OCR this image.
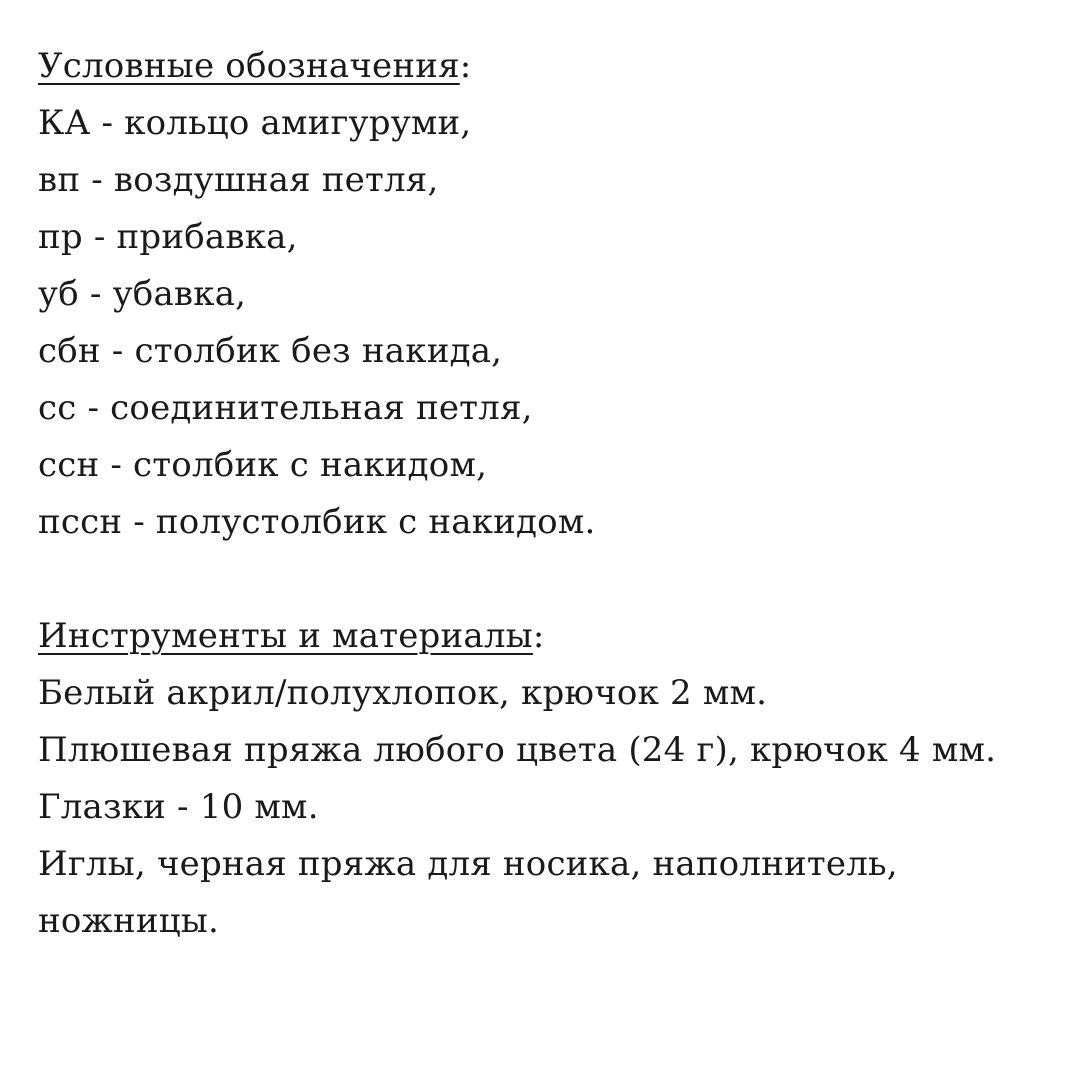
Условные обозначения:
КА - кольцо амигуруми,
вп - воздушная петля,
пр - прибавка,
уб - убавка,
сбн - столбик без накида,
сс - соединительная петля,
ссн - столбик с накидом,
пссн - полустолбик с накидом.
Инструменты и материалы:
Белый акрил/полухлопок, крючок 2 мм.
Плюшевая пряжа любого цвета (24 г), крючок 4 мм.
Глазки - 10 мм.
Иглы, черная пряжа для носика, наполнитель,
ножницы.
